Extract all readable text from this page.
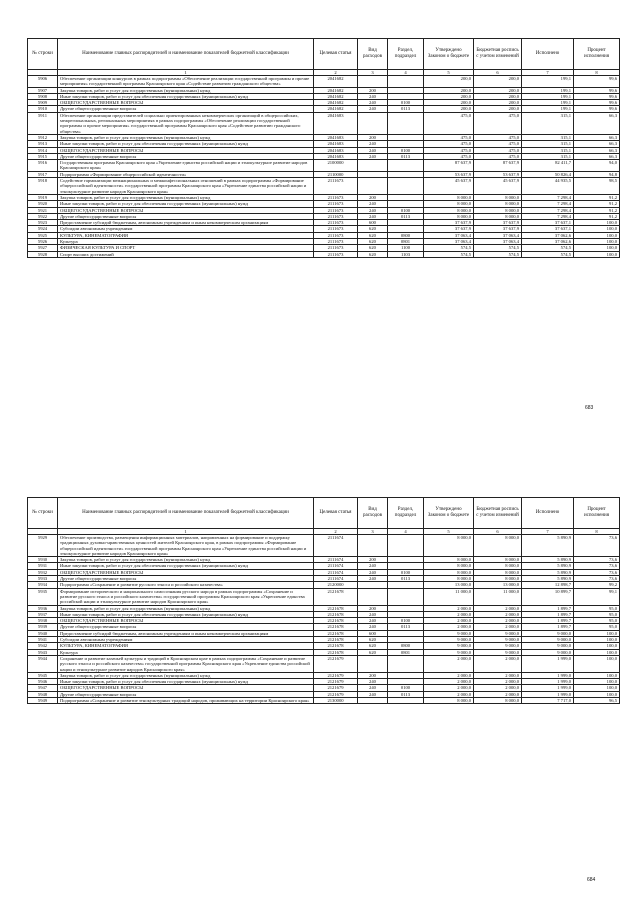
№ строки	Наименование главных распорядителей и наименование показателей бюджетной классификации	Целевая статья	Вид расходов	Раздел, подраздел	Утверждено Законом о бюджете	Бюджетная роспись с учетом изменений	Исполнено	Процент исполнения
	1	2	3	4	5	6	7	8
5906	Обеспечение организации конкурсов в рамках подпрограммы «Обеспечение реализации государственной программы и прочие мероприятия» государственной программы Красноярского края «Содействие развитию гражданского общества»	2041682			200,0	200,0	199,1	99,6
5907	Закупка товаров, работ и услуг для государственных (муниципальных) нужд	2041682	200		200,0	200,0	199,1	99,6
5908	Иные закупки товаров, работ и услуг для обеспечения государственных (муниципальных) нужд	2041682	240		200,0	200,0	199,1	99,6
5909	ОБЩЕГОСУДАРСТВЕННЫЕ ВОПРОСЫ	2041682	240	0100	200,0	200,0	199,1	99,6
5910	Другие общегосударственные вопросы	2041682	240	0113	200,0	200,0	199,1	99,6
5911	Обеспечение организации представителей социально ориентированных некоммерческих организаций в общероссийских, межрегиональных, региональных мероприятиях в рамках подпрограммы «Обеспечение реализации государственной программы и прочие мероприятия» государственной программы Красноярского края «Содействие развитию гражданского общества»	2041683			475,0	475,0	315,1	66,3
5912	Закупка товаров, работ и услуг для государственных (муниципальных) нужд	2041683	200		475,0	475,0	315,1	66,3
5913	Иные закупки товаров, работ и услуг для обеспечения государственных (муниципальных) нужд	2041683	240		475,0	475,0	315,1	66,3
5914	ОБЩЕГОСУДАРСТВЕННЫЕ ВОПРОСЫ	2041683	240	0100	475,0	475,0	315,1	66,3
5915	Другие общегосударственные вопросы	2041683	240	0113	475,0	475,0	315,1	66,3
5916	Государственная программа Красноярского края «Укрепление единства российской нации и этнокультурное развитие народов Красноярского края»	2100000			87 637,9	87 637,9	82 411,7	94,0
5917	Подпрограмма «Формирование общероссийской идентичности»	2110000			53 637,9	53 637,9	50 826,4	94,8
5918	Содействие гармонизации межнациональных и межконфессиональных отношений в рамках подпрограммы «Формирование общероссийской идентичности» государственной программы Красноярского края «Укрепление единства российской нации и этнокультурное развитие народов Красноярского края»	2111673			45 637,9	45 637,9	44 935,5	98,5
5919	Закупка товаров, работ и услуг для государственных (муниципальных) нужд	2111673	200		8 000,0	8 000,0	7 298,4	91,2
5920	Иные закупки товаров, работ и услуг для обеспечения государственных (муниципальных) нужд	2111673	240		8 000,0	8 000,0	7 298,4	91,2
5921	ОБЩЕГОСУДАРСТВЕННЫЕ ВОПРОСЫ	2111673	240	0100	8 000,0	8 000,0	7 298,4	91,2
5922	Другие общегосударственные вопросы	2111673	240	0113	8 000,0	8 000,0	7 298,4	91,2
5923	Предоставление субсидий бюджетным, автономным учреждениям и иным некоммерческим организациям	2111673	600		37 637,9	37 637,9	37 637,1	100,0
5924	Субсидии автономным учреждениям	2111673	620		37 637,9	37 637,9	37 637,1	100,0
5925	КУЛЬТУРА, КИНЕМАТОГРАФИЯ	2111673	620	0800	37 063,4	37 063,4	37 062,6	100,0
5926	Культура	2111673	620	0801	37 063,4	37 063,4	37 062,6	100,0
5927	ФИЗИЧЕСКАЯ КУЛЬТУРА И СПОРТ	2111673	620	1100	574,5	574,5	574,5	100,0
5928	Спорт высших достижений	2111673	620	1103	574,5	574,5	574,5	100,0
683
№ строки	Наименование главных распорядителей и наименование показателей бюджетной классификации	Целевая статья	Вид расходов	Раздел, подраздел	Утверждено Законом о бюджете	Бюджетная роспись с учетом изменений	Исполнено	Процент исполнения
	1	2	3	4	5	6	7	8
5929	Обеспечение производства, размещения информационных материалов, направленных на формирование и поддержку традиционных духовно-нравственных ценностей жителей Красноярского края, в рамках подпрограммы «Формирование общероссийской идентичности» государственной программы Красноярского края «Укрепление единства российской нации и этнокультурное развитие народов Красноярского края»	2111674			8 000,0	8 000,0	5 890,9	73,6
5930	Закупка товаров, работ и услуг для государственных (муниципальных) нужд	2111674	200		8 000,0	8 000,0	5 890,9	73,6
5931	Иные закупки товаров, работ и услуг для обеспечения государственных (муниципальных) нужд	2111674	240		8 000,0	8 000,0	5 890,9	73,6
5932	ОБЩЕГОСУДАРСТВЕННЫЕ ВОПРОСЫ	2111674	240	0100	8 000,0	8 000,0	5 890,9	73,6
5933	Другие общегосударственные вопросы	2111674	240	0113	8 000,0	8 000,0	5 890,9	73,6
5934	Подпрограмма «Сохранение и развитие русского этноса и российского казачества»	2120000			13 000,0	13 000,0	12 898,7	99,2
5935	Формирование исторического и национального самосознания русского народа в рамках подпрограммы «Сохранение и развитие русского этноса и российского казачества» государственной программы Красноярского края «Укрепление единства российской нации и этнокультурное развитие народов Красноярского края»	2121678			11 000,0	11 000,0	10 899,7	99,1
5936	Закупка товаров, работ и услуг для государственных (муниципальных) нужд	2121678	200		2 000,0	2 000,0	1 899,7	95,0
5937	Иные закупки товаров, работ и услуг для обеспечения государственных (муниципальных) нужд	2121678	240		2 000,0	2 000,0	1 899,7	95,0
5938	ОБЩЕГОСУДАРСТВЕННЫЕ ВОПРОСЫ	2121678	240	0100	2 000,0	2 000,0	1 899,7	95,0
5939	Другие общегосударственные вопросы	2121678	240	0113	2 000,0	2 000,0	1 899,7	95,0
5940	Предоставление субсидий бюджетным, автономным учреждениям и иным некоммерческим организациям	2121678	600		9 000,0	9 000,0	9 000,0	100,0
5941	Субсидии автономным учреждениям	2121678	620		9 000,0	9 000,0	9 000,0	100,0
5942	КУЛЬТУРА, КИНЕМАТОГРАФИЯ	2121678	620	0800	9 000,0	9 000,0	9 000,0	100,0
5943	Культура	2121678	620	0801	9 000,0	9 000,0	9 000,0	100,0
5944	Сохранение и развитие казачьей культуры и традиций в Красноярском крае в рамках подпрограммы «Сохранение и развитие русского этноса и российского казачества» государственной программы Красноярского края «Укрепление единства российской нации и этнокультурное развитие народов Красноярского края»	2121679			2 000,0	2 000,0	1 999,0	100,0
5945	Закупка товаров, работ и услуг для государственных (муниципальных) нужд	2121679	200		2 000,0	2 000,0	1 999,0	100,0
5946	Иные закупки товаров, работ и услуг для обеспечения государственных (муниципальных) нужд	2121679	240		2 000,0	2 000,0	1 999,0	100,0
5947	ОБЩЕГОСУДАРСТВЕННЫЕ ВОПРОСЫ	2121679	240	0100	2 000,0	2 000,0	1 999,0	100,0
5948	Другие общегосударственные вопросы	2121679	240	0113	2 000,0	2 000,0	1 999,0	100,0
5949	Подпрограмма «Сохранение и развитие этнокультурных традиций народов, проживающих на территории Красноярского края»	2130000			8 000,0	8 000,0	7 717,0	96,5
684
